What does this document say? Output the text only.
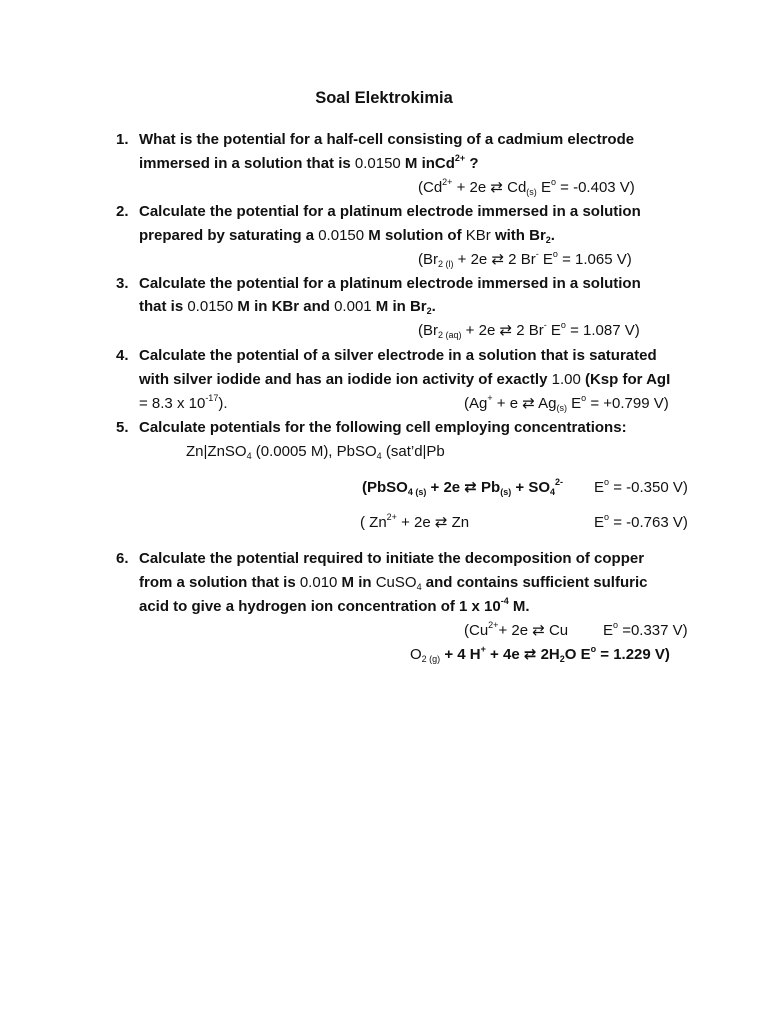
Soal Elektrokimia
1. What is the potential for a half-cell consisting of a cadmium electrode
immersed in a solution that is 0.0150 M inCd$^{2+}$ ?
($Cd^{2+} + 2e$ ⇄ $Cd_{(s)}$ $E^o = -0.403$ V)
2. Calculate the potential for a platinum electrode immersed in a solution
prepared by saturating a 0.0150 M solution of KBr with $Br_2$.
($Br_{2 (l)} + 2e$ ⇄ 2 Br- $E^o = 1.065$ V)
3. Calculate the potential for a platinum electrode immersed in a solution
that is 0.0150 M in KBr and 0.001 M in $Br_2$.
($Br_{2 (aq)} + 2e$ ⇄ 2 Br- $E^o = 1.087$ V)
4. Calculate the potential of a silver electrode in a solution that is saturated
with silver iodide and has an iodide ion activity of exactly 1.00 (Ksp for AgI
= 8.3 x $10^{-17}$).	(Ag+ + e ⇄ $Ag_{(s)}$ $E^o = +0.799$ V)
5. Calculate potentials for the following cell employing concentrations:
Zn|ZnSO$_4$ (0.0005 M), PbSO$_4$ (sat’d|Pb
(PbSO$_{4 (s)}$ + 2e ⇄ $Pb_{(s)} + SO_4^{2-}$ $E^o = -0.350$ V)
( $Zn^{2+} + 2e$ ⇄ Zn	$E^o = -0.763$ V)
6. Calculate the potential required to initiate the decomposition of copper
from a solution that is 0.010 M in CuSO$_4$ and contains sufficient sulfuric
acid to give a hydrogen ion concentration of 1 x $10^{-4}$ M.
($Cu^{2+}+ 2e$ ⇄ Cu $E^o =0.337$ V)
$O_{2 (g)} + 4$ H+ + 4e ⇄ $2H_2O$ $E^o = 1.229$ V)
